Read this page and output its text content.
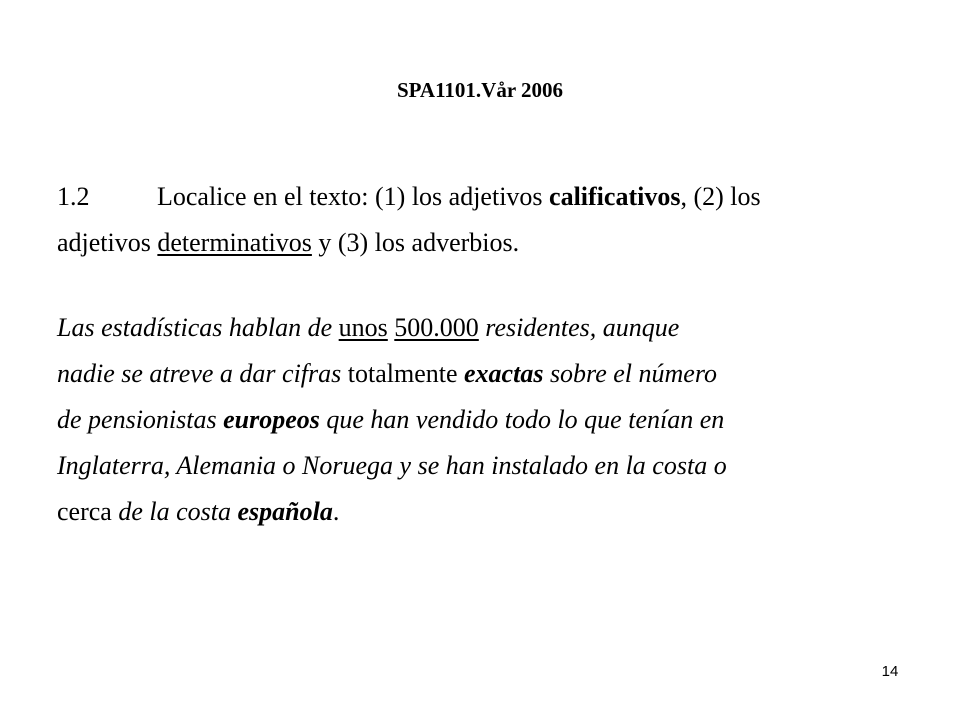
SPA1101.Vår 2006
1.2	Localice en el texto: (1) los adjetivos calificativos, (2) los
adjetivos determinativos y (3) los adverbios.
Las estadísticas hablan de unos 500.000 residentes, aunque
nadie se atreve a dar cifras totalmente exactas sobre el número
de pensionistas europeos que han vendido todo lo que tenían en
Inglaterra, Alemania o Noruega y se han instalado en la costa o
cerca de la costa española.
14
